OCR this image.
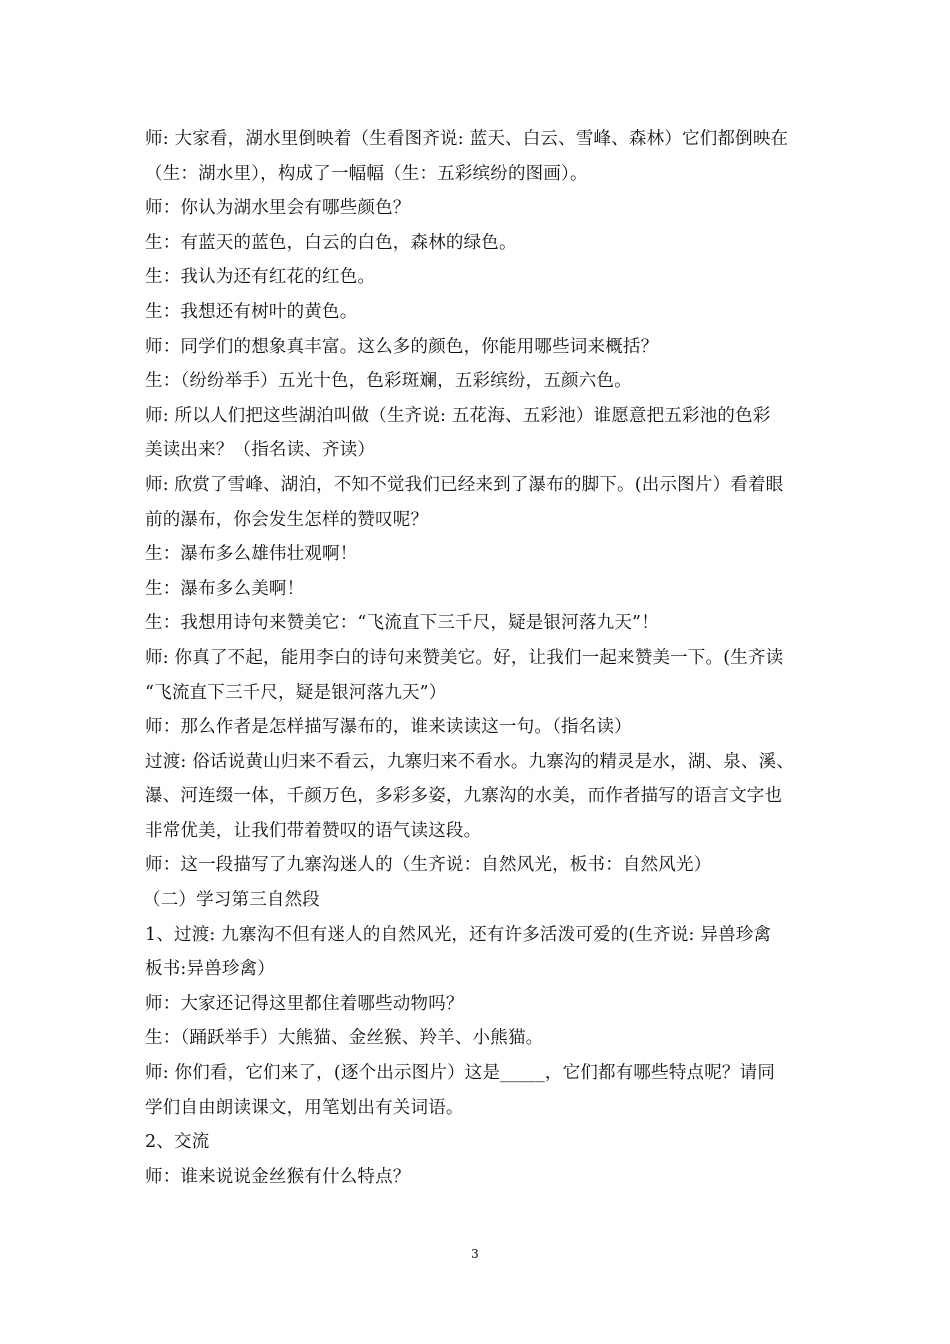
师: 大家看，湖水里倒映着（生看图齐说: 蓝天、白云、雪峰、森林）它们都倒映在
（生：湖水里），构成了一幅幅（生：五彩缤纷的图画）。
师：你认为湖水里会有哪些颜色？
生：有蓝天的蓝色，白云的白色，森林的绿色。
生：我认为还有红花的红色。
生：我想还有树叶的黄色。
师：同学们的想象真丰富。这么多的颜色，你能用哪些词来概括？
生：（纷纷举手）五光十色，色彩斑斓，五彩缤纷，五颜六色。
师: 所以人们把这些湖泊叫做（生齐说: 五花海、五彩池）谁愿意把五彩池的色彩
美读出来？（指名读、齐读）
师: 欣赏了雪峰、湖泊，不知不觉我们已经来到了瀑布的脚下。(出示图片）看着眼
前的瀑布，你会发生怎样的赞叹呢？
生：瀑布多么雄伟壮观啊！
生：瀑布多么美啊！
生：我想用诗句来赞美它：“飞流直下三千尺，疑是银河落九天”！
师: 你真了不起，能用李白的诗句来赞美它。好，让我们一起来赞美一下。(生齐读
“飞流直下三千尺，疑是银河落九天”）
师：那么作者是怎样描写瀑布的，谁来读读这一句。（指名读）
过渡: 俗话说黄山归来不看云，九寨归来不看水。九寨沟的精灵是水，湖、泉、溪、
瀑、河连缀一体，千颜万色，多彩多姿，九寨沟的水美，而作者描写的语言文字也
非常优美，让我们带着赞叹的语气读这段。
师：这一段描写了九寨沟迷人的（生齐说：自然风光，板书：自然风光）
（二）学习第三自然段
1、过渡: 九寨沟不但有迷人的自然风光，还有许多活泼可爱的(生齐说: 异兽珍禽
板书:异兽珍禽）
师：大家还记得这里都住着哪些动物吗？
生：（踊跃举手）大熊猫、金丝猴、羚羊、小熊猫。
师: 你们看，它们来了，(逐个出示图片）这是_____，它们都有哪些特点呢？请同
学们自由朗读课文，用笔划出有关词语。
2、交流
师：谁来说说金丝猴有什么特点？
3
